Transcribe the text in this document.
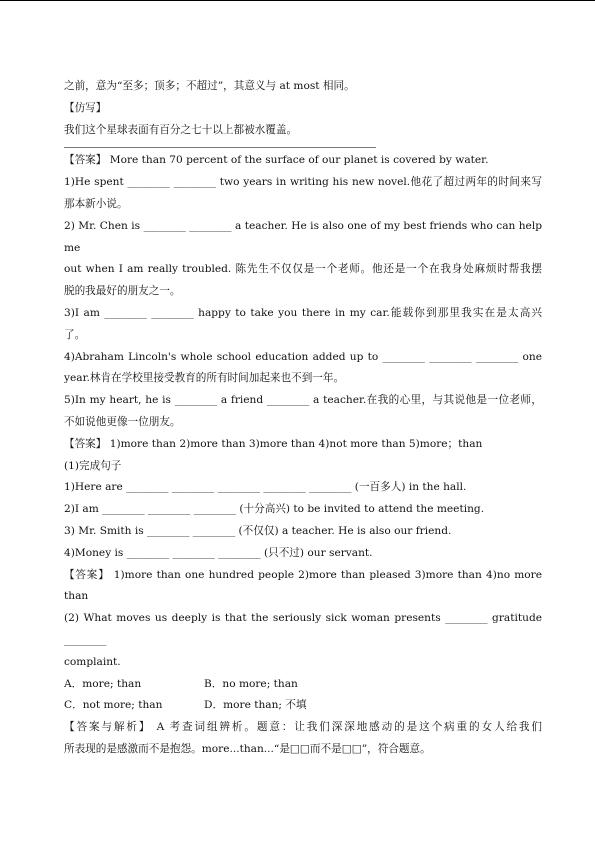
之前，意为“至多；顶多；不超过”，其意义与 at most 相同。
【仿写】
我们这个星球表面有百分之七十以上都被水覆盖。
【答案】 More than 70 percent of the surface of our planet is covered by water.
1)He spent ________ ________ two years in writing his new novel.他花了超过两年的时间来写
那本新小说。
2) Mr. Chen is ________ ________ a teacher. He is also one of my best friends who can help me
out when I am really troubled. 陈先生不仅仅是一个老师。他还是一个在我身处麻烦时帮我摆
脱的我最好的朋友之一。
3)I am ________ ________ happy to take you there in my car.能载你到那里我实在是太高兴
了。
4)Abraham Lincoln's whole school education added up to ________ ________ ________ one
year.林肯在学校里接受教育的所有时间加起来也不到一年。
5)In my heart, he is ________ a friend ________ a teacher.在我的心里，与其说他是一位老师，
不如说他更像一位朋友。
【答案】 1)more than 2)more than 3)more than 4)not more than 5)more；than
(1)完成句子
1)Here are ________ ________ ________ ________ ________ (一百多人) in the hall.
2)I am ________ ________ ________ (十分高兴) to be invited to attend the meeting.
3) Mr. Smith is ________ ________ (不仅仅) a teacher. He is also our friend.
4)Money is ________ ________ ________ (只不过) our servant.
【答案】 1)more than one hundred people 2)more than pleased 3)more than 4)no more
than
(2) What moves us deeply is that the seriously sick woman presents ________ gratitude ________
complaint.
A．more; than	B．no more; than
C．not more; than	D．more than; 不填
【答案与解析】 A 考查词组辨析。题意：让我们深深地感动的是这个病重的女人给我们
所表现的是感激而不是抱怨。more...than...“是□□而不是□□”，符合题意。
